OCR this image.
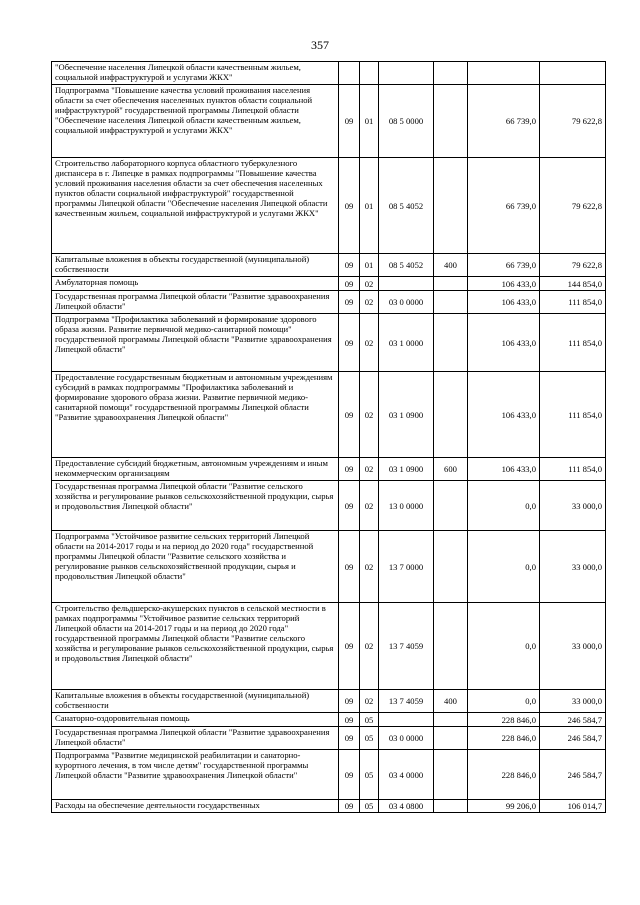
357
"Обеспечение населения Липецкой области качественным жильем, социальной инфраструктурой и услугами ЖКХ"						
Подпрограмма "Повышение качества условий проживания населения области за счет обеспечения населенных пунктов области социальной инфраструктурой" государственной программы Липецкой области "Обеспечение населения Липецкой области качественным жильем, социальной инфраструктурой и услугами ЖКХ"	09	01	08 5 0000		66 739,0	79 622,8
Строительство лабораторного корпуса областного туберкулезного диспансера в г. Липецке в рамках подпрограммы "Повышение качества условий проживания населения области за счет обеспечения населенных пунктов области социальной инфраструктурой" государственной программы Липецкой области "Обеспечение населения Липецкой области качественным жильем, социальной инфраструктурой и услугами ЖКХ"	09	01	08 5 4052		66 739,0	79 622,8
Капитальные вложения в объекты государственной (муниципальной) собственности	09	01	08 5 4052	400	66 739,0	79 622,8
Амбулаторная помощь	09	02			106 433,0	144 854,0
Государственная программа Липецкой области "Развитие здравоохранения Липецкой области"	09	02	03 0 0000		106 433,0	111 854,0
Подпрограмма "Профилактика заболеваний и формирование здорового образа жизни. Развитие первичной медико-санитарной помощи" государственной программы Липецкой области "Развитие здравоохранения Липецкой области"	09	02	03 1 0000		106 433,0	111 854,0
Предоставление государственным бюджетным и автономным учреждениям субсидий в рамках подпрограммы "Профилактика заболеваний и формирование здорового образа жизни. Развитие первичной медико-санитарной помощи" государственной программы Липецкой области "Развитие здравоохранения Липецкой области"	09	02	03 1 0900		106 433,0	111 854,0
Предоставление субсидий бюджетным, автономным учреждениям и иным некоммерческим организациям	09	02	03 1 0900	600	106 433,0	111 854,0
Государственная программа Липецкой области "Развитие сельского хозяйства и регулирование рынков сельскохозяйственной продукции, сырья и продовольствия Липецкой области"	09	02	13 0 0000		0,0	33 000,0
Подпрограмма "Устойчивое развитие сельских территорий Липецкой области на 2014-2017 годы и на период до 2020 года" государственной программы Липецкой области "Развитие сельского хозяйства и регулирование рынков сельскохозяйственной продукции, сырья и продовольствия Липецкой области"	09	02	13 7 0000		0,0	33 000,0
Строительство фельдшерско-акушерских пунктов в сельской местности в рамках подпрограммы "Устойчивое развитие сельских территорий Липецкой области на 2014-2017 годы и на период до 2020 года" государственной программы Липецкой области "Развитие сельского хозяйства и регулирование рынков сельскохозяйственной продукции, сырья и продовольствия Липецкой области"	09	02	13 7 4059		0,0	33 000,0
Капитальные вложения в объекты государственной (муниципальной) собственности	09	02	13 7 4059	400	0,0	33 000,0
Санаторно-оздоровительная помощь	09	05			228 846,0	246 584,7
Государственная программа Липецкой области "Развитие здравоохранения Липецкой области"	09	05	03 0 0000		228 846,0	246 584,7
Подпрограмма "Развитие медицинской реабилитации и санаторно-курортного лечения, в том числе детям" государственной программы Липецкой области "Развитие здравоохранения Липецкой области"	09	05	03 4 0000		228 846,0	246 584,7
Расходы на обеспечение деятельности государственных	09	05	03 4 0800		99 206,0	106 014,7
